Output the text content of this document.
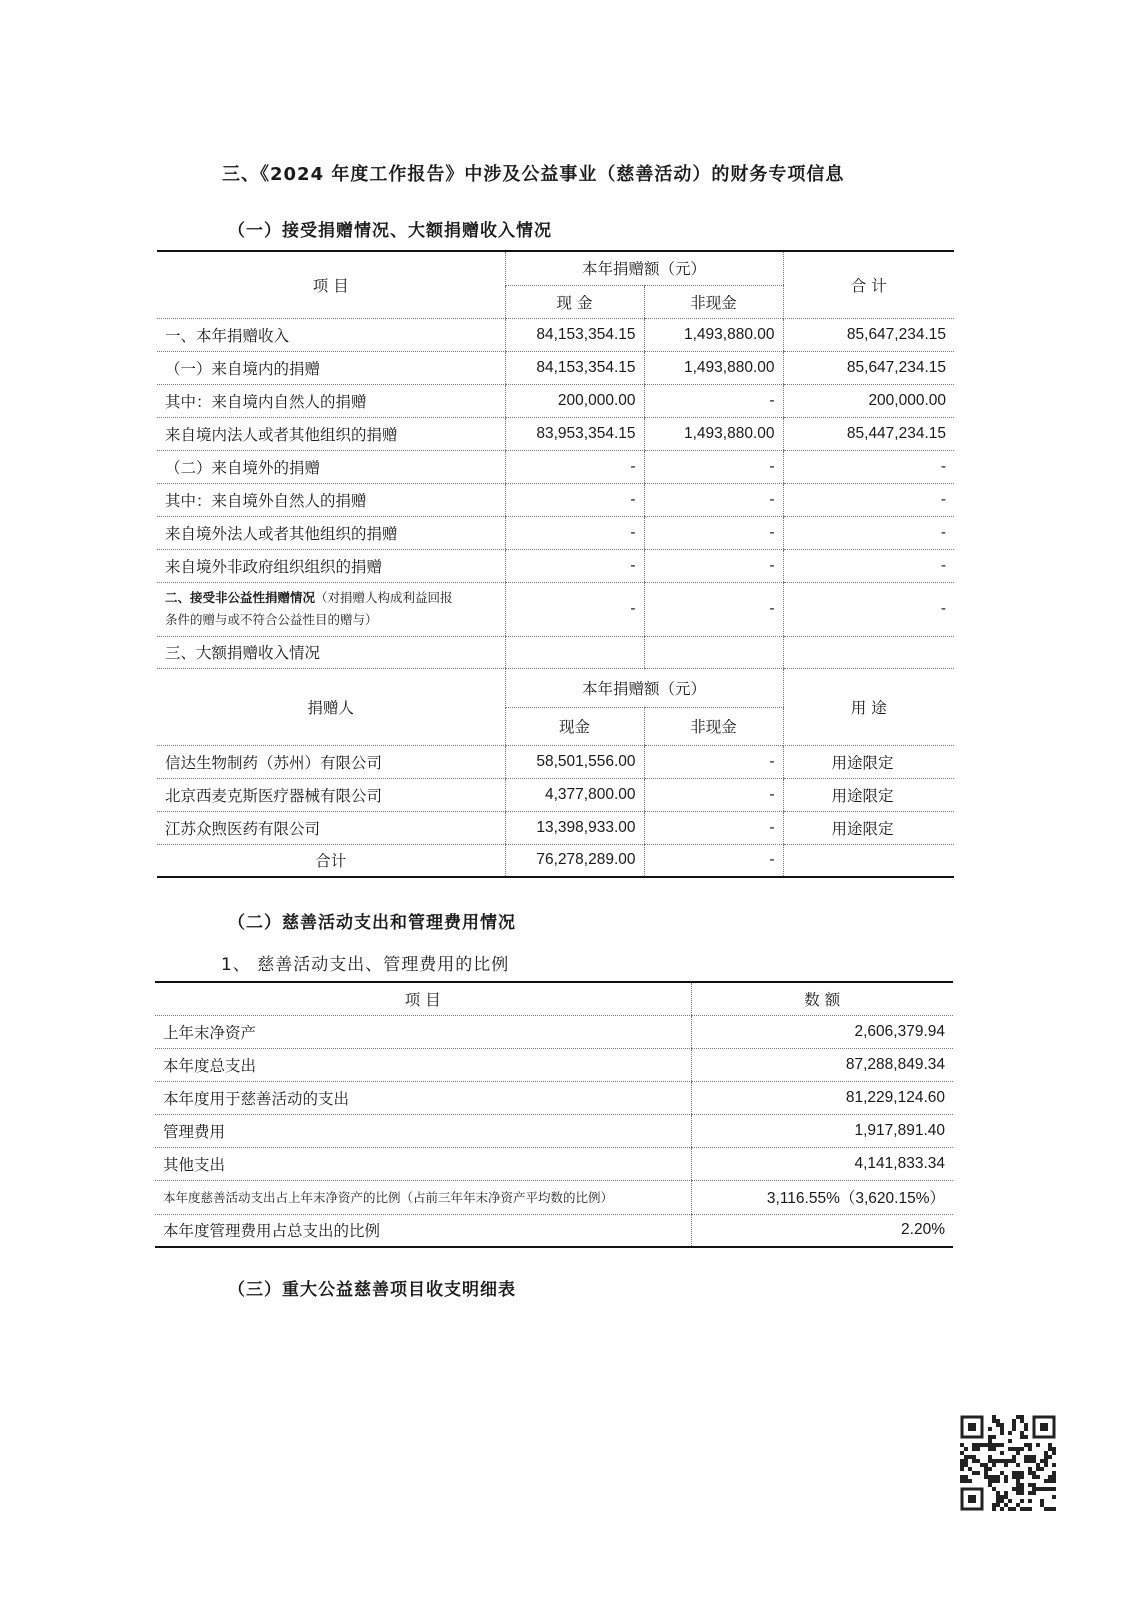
三、《2024 年度工作报告》中涉及公益事业（慈善活动）的财务专项信息
（一）接受捐赠情况、大额捐赠收入情况
项 目	本年捐赠额（元）		合 计
	现 金	非现金	
一、本年捐赠收入	84,153,354.15	1,493,880.00	85,647,234.15
（一）来自境内的捐赠	84,153,354.15	1,493,880.00	85,647,234.15
其中：来自境内自然人的捐赠	200,000.00	-	200,000.00
来自境内法人或者其他组织的捐赠	83,953,354.15	1,493,880.00	85,447,234.15
（二）来自境外的捐赠	-	-	-
其中：来自境外自然人的捐赠	-	-	-
来自境外法人或者其他组织的捐赠	-	-	-
来自境外非政府组织组织的捐赠	-	-	-
二、接受非公益性捐赠情况（对捐赠人构成利益回报
条件的赠与或不符合公益性目的赠与）	-	-	-
三、大额捐赠收入情况			
捐赠人	本年捐赠额（元）		用 途
	现金	非现金	
信达生物制药（苏州）有限公司	58,501,556.00	-	用途限定
北京西麦克斯医疗器械有限公司	4,377,800.00	-	用途限定
江苏众煦医药有限公司	13,398,933.00	-	用途限定
合计	76,278,289.00	-	
（二）慈善活动支出和管理费用情况
1、 慈善活动支出、管理费用的比例
项 目	数 额
上年末净资产	2,606,379.94
本年度总支出	87,288,849.34
本年度用于慈善活动的支出	81,229,124.60
管理费用	1,917,891.40
其他支出	4,141,833.34
本年度慈善活动支出占上年末净资产的比例（占前三年年末净资产平均数的比例）	3,116.55%（3,620.15%）
本年度管理费用占总支出的比例	2.20%
（三）重大公益慈善项目收支明细表
